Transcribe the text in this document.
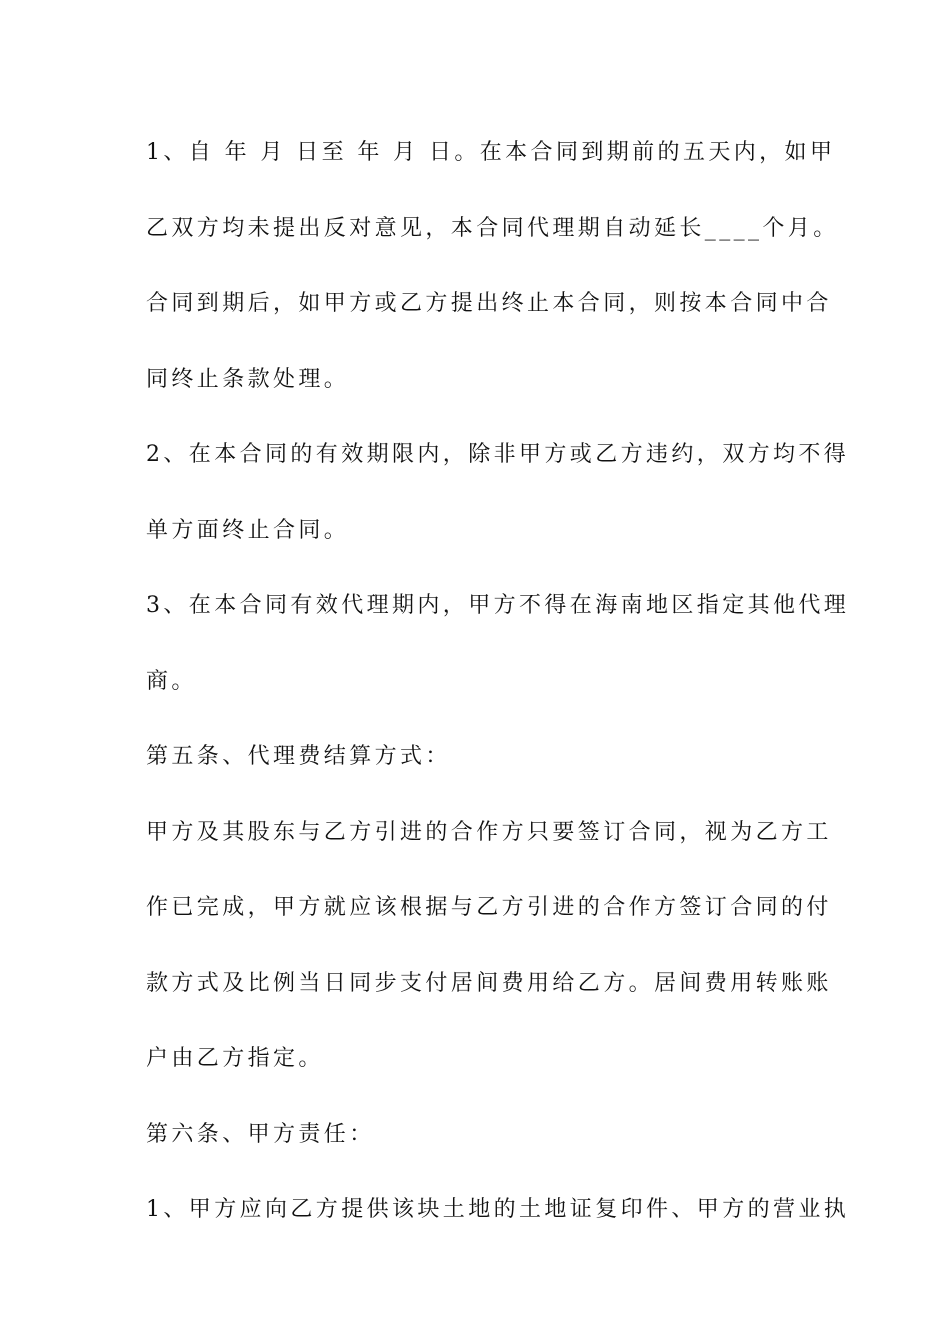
1、自 年 月 日至 年 月 日。在本合同到期前的五天内，如甲
乙双方均未提出反对意见，本合同代理期自动延长____个月。
合同到期后，如甲方或乙方提出终止本合同，则按本合同中合
同终止条款处理。
2、在本合同的有效期限内，除非甲方或乙方违约，双方均不得
单方面终止合同。
3、在本合同有效代理期内，甲方不得在海南地区指定其他代理
商。
第五条、代理费结算方式：
甲方及其股东与乙方引进的合作方只要签订合同，视为乙方工
作已完成，甲方就应该根据与乙方引进的合作方签订合同的付
款方式及比例当日同步支付居间费用给乙方。居间费用转账账
户由乙方指定。
第六条、甲方责任：
1、甲方应向乙方提供该块土地的土地证复印件、甲方的营业执
